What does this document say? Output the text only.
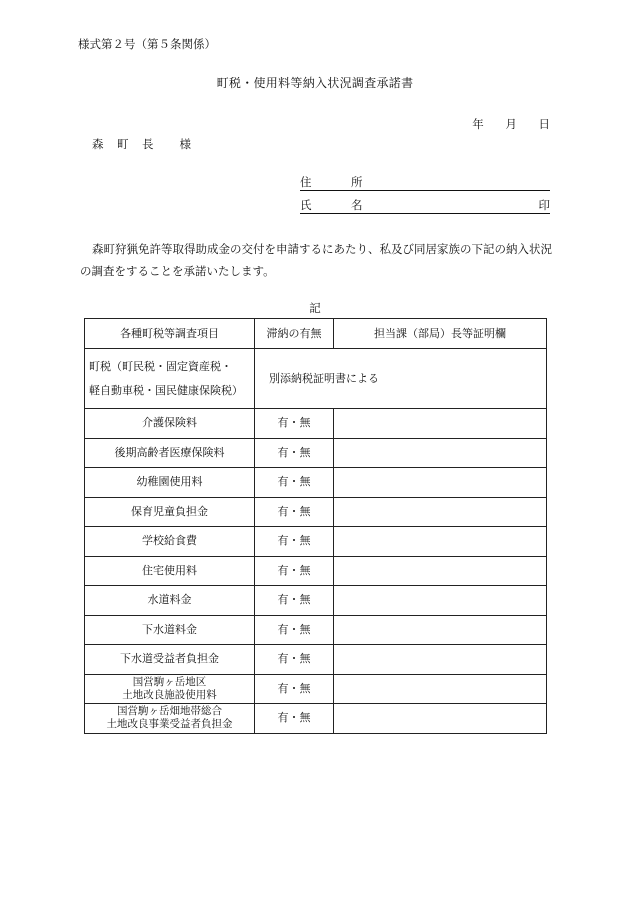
様式第２号（第５条関係）
町税・使用料等納入状況調査承諾書
年 月 日
森　町　長　　様
住　所
氏　名	印
森町狩猟免許等取得助成金の交付を申請するにあたり、私及び同居家族の下記の納入状況の調査をすることを承諾いたします。
記
各種町税等調査項目	滞納の有無	担当課（部局）長等証明欄

町税（町民税・固定資産税・
軽自動車税・国民健康保険税）	別添納税証明書による	
介護保険料	有・無	
後期高齢者医療保険料	有・無	
幼稚園使用料	有・無	
保育児童負担金	有・無	
学校給食費	有・無	
住宅使用料	有・無	
水道料金	有・無	
下水道料金	有・無	
下水道受益者負担金	有・無	

国営駒ヶ岳地区
土地改良施設使用料	有・無	

国営駒ヶ岳畑地帯総合
土地改良事業受益者負担金	有・無	
